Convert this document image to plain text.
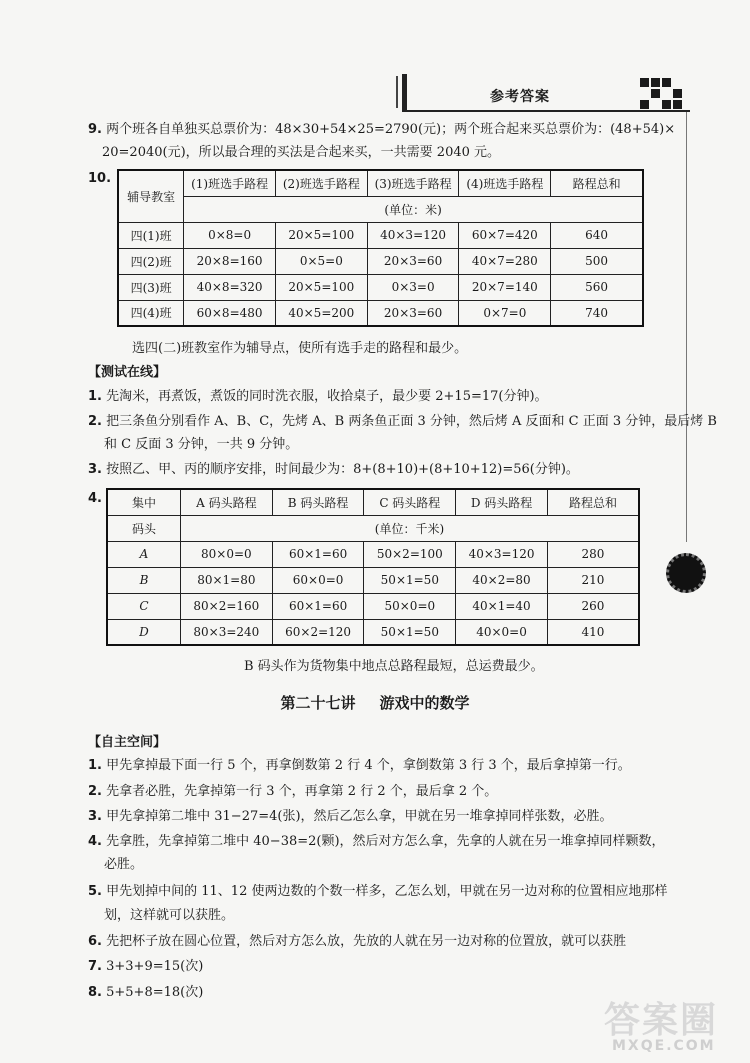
参考答案
9. 两个班各自单独买总票价为：48×30+54×25=2790(元)；两个班合起来买总票价为：(48+54)×
20=2040(元)，所以最合理的买法是合起来买，一共需要 2040 元。
10.
辅导教室	(1)班选手路程	(2)班选手路程	(3)班选手路程	(4)班选手路程	路程总和
	(单位：米)				
四(1)班	0×8=0	20×5=100	40×3=120	60×7=420	640
四(2)班	20×8=160	0×5=0	20×3=60	40×7=280	500
四(3)班	40×8=320	20×5=100	0×3=0	20×7=140	560
四(4)班	60×8=480	40×5=200	20×3=60	0×7=0	740
选四(二)班教室作为辅导点，使所有选手走的路程和最少。
【测试在线】
1. 先淘米，再煮饭，煮饭的同时洗衣服，收拾桌子，最少要 2+15=17(分钟)。
2. 把三条鱼分别看作 A、B、C，先烤 A、B 两条鱼正面 3 分钟，然后烤 A 反面和 C 正面 3 分钟，最后烤 B
和 C 反面 3 分钟，一共 9 分钟。
3. 按照乙、甲、丙的顺序安排，时间最少为：8+(8+10)+(8+10+12)=56(分钟)。
4.	集中	A 码头路程	B 码头路程	C 码头路程	D 码头路程	路程总和
码头	(单位：千米)				
A	80×0=0	60×1=60	50×2=100	40×3=120	280
B	80×1=80	60×0=0	50×1=50	40×2=80	210
C	80×2=160	60×1=60	50×0=0	40×1=40	260
D	80×3=240	60×2=120	50×1=50	40×0=0	410
B 码头作为货物集中地点总路程最短，总运费最少。
第二十七讲 游戏中的数学
【自主空间】
1. 甲先拿掉最下面一行 5 个，再拿倒数第 2 行 4 个，拿倒数第 3 行 3 个，最后拿掉第一行。
2. 先拿者必胜，先拿掉第一行 3 个，再拿第 2 行 2 个，最后拿 2 个。
3. 甲先拿掉第二堆中 31−27=4(张)，然后乙怎么拿，甲就在另一堆拿掉同样张数，必胜。
4. 先拿胜，先拿掉第二堆中 40−38=2(颗)，然后对方怎么拿，先拿的人就在另一堆拿掉同样颗数，
必胜。
5. 甲先划掉中间的 11、12 使两边数的个数一样多，乙怎么划，甲就在另一边对称的位置相应地那样
划，这样就可以获胜。
6. 先把杯子放在圆心位置，然后对方怎么放，先放的人就在另一边对称的位置放，就可以获胜
7. 3+3+9=15(次)
8. 5+5+8=18(次)
答案圈
MXQE.COM
